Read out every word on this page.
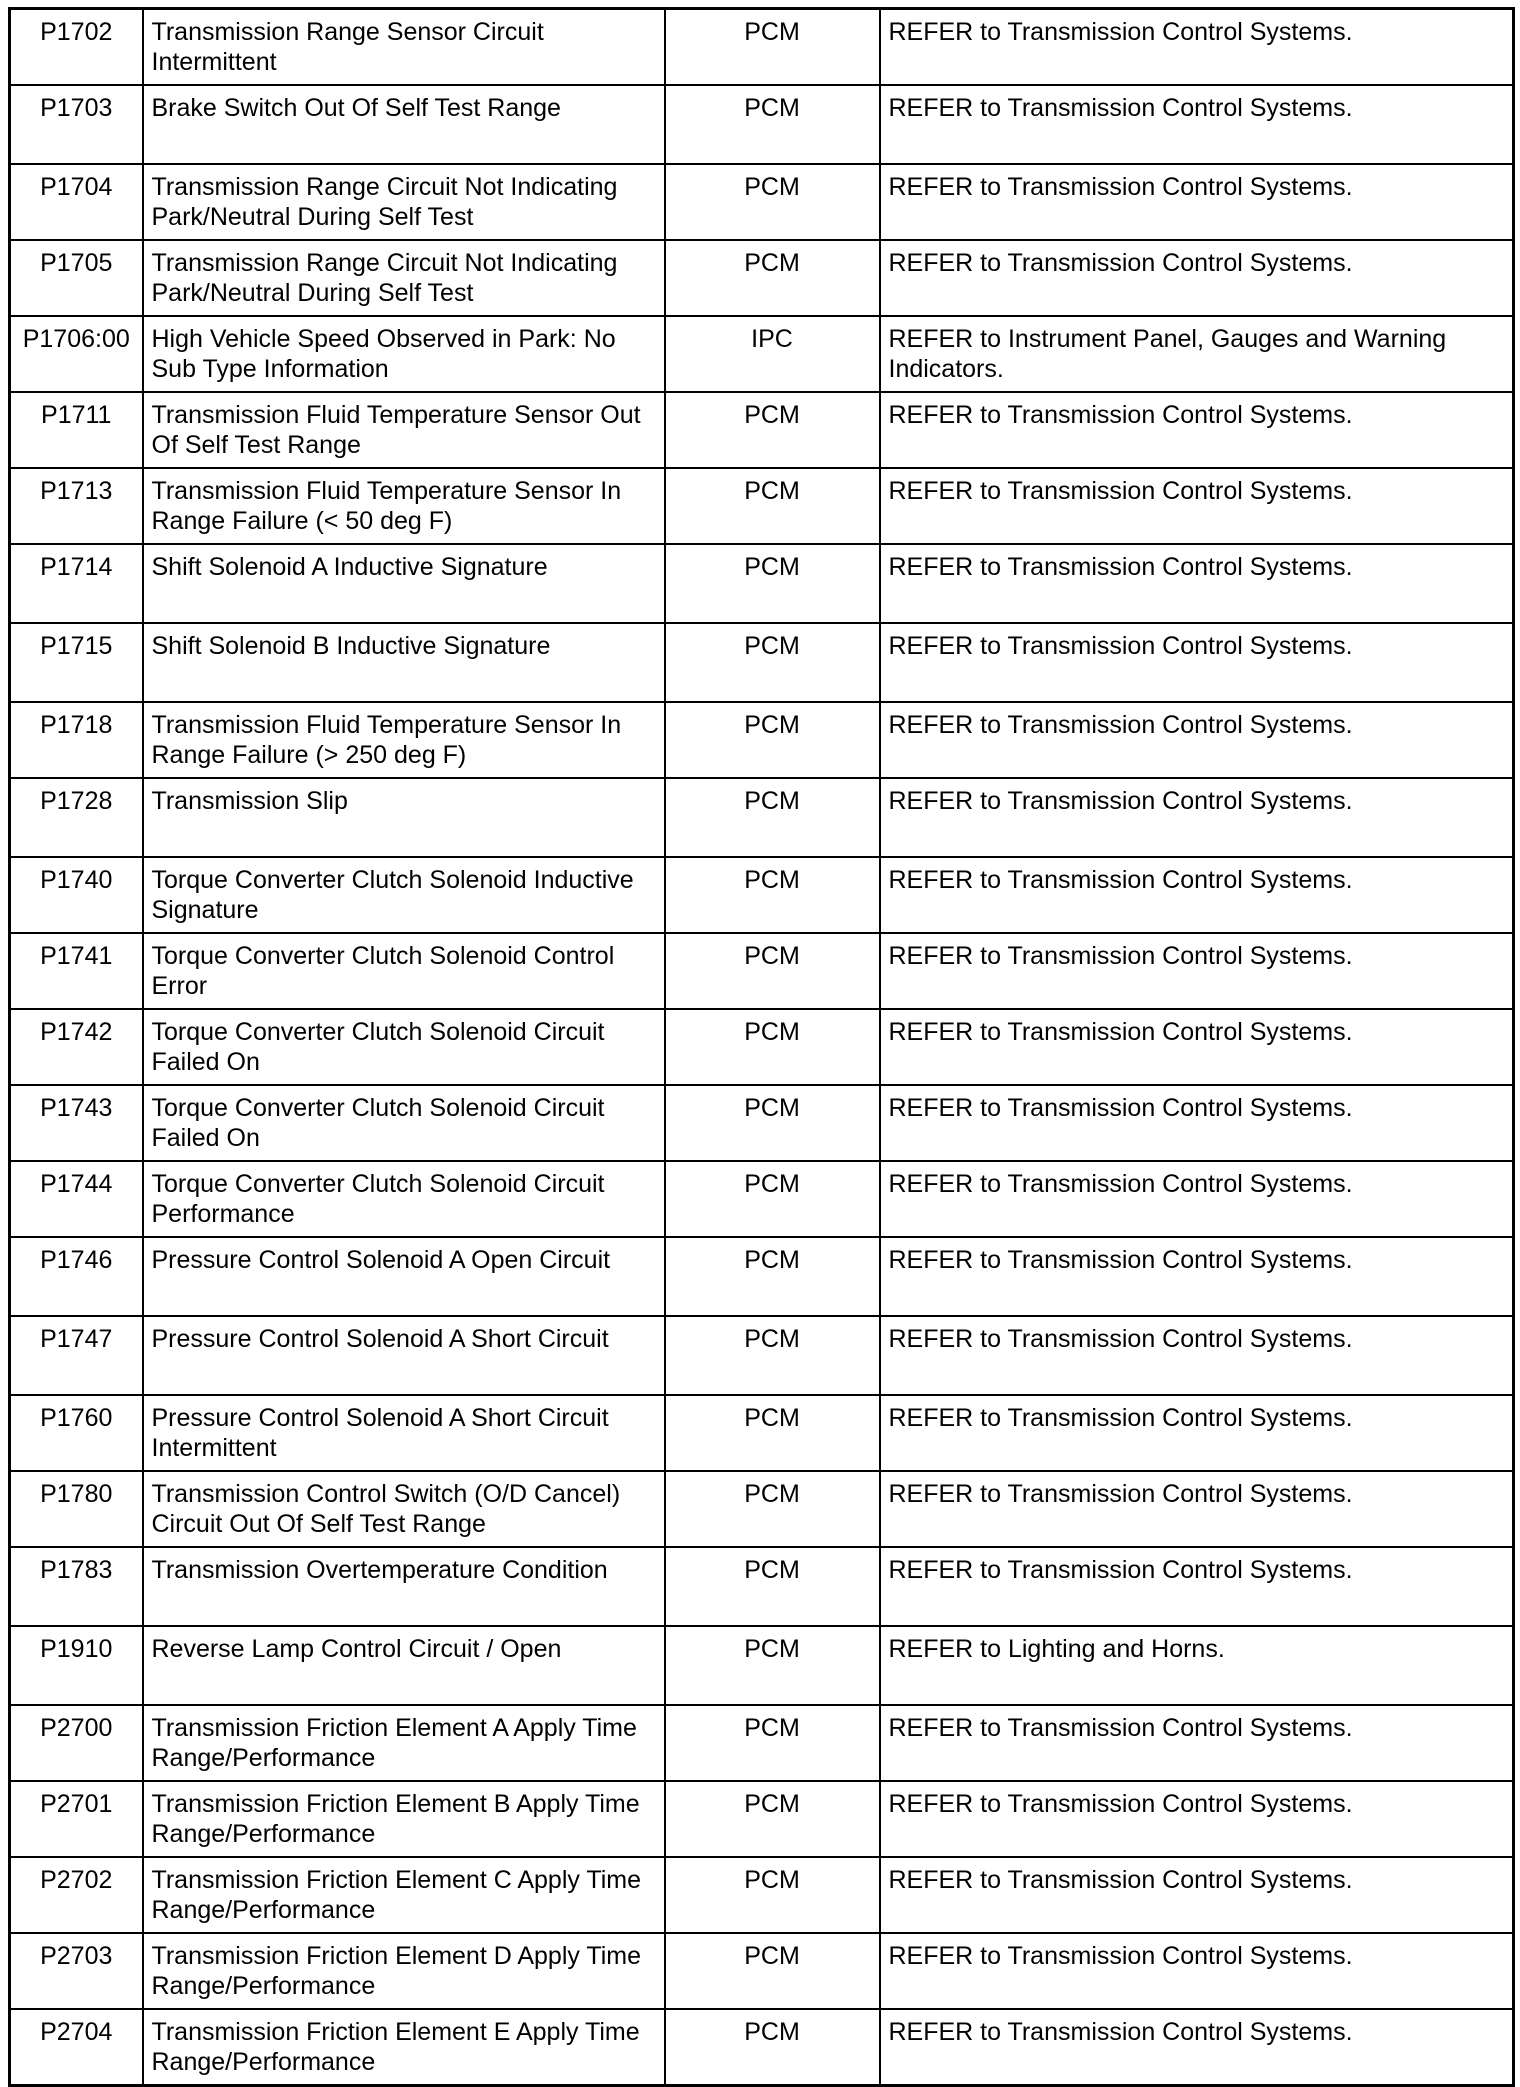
P1702	Transmission Range Sensor Circuit Intermittent	PCM	REFER to Transmission Control Systems.
P1703	Brake Switch Out Of Self Test Range	PCM	REFER to Transmission Control Systems.
P1704	Transmission Range Circuit Not Indicating Park/Neutral During Self Test	PCM	REFER to Transmission Control Systems.
P1705	Transmission Range Circuit Not Indicating Park/Neutral During Self Test	PCM	REFER to Transmission Control Systems.
P1706:00	High Vehicle Speed Observed in Park: No Sub Type Information	IPC	REFER to Instrument Panel, Gauges and Warning Indicators.
P1711	Transmission Fluid Temperature Sensor Out Of Self Test Range	PCM	REFER to Transmission Control Systems.
P1713	Transmission Fluid Temperature Sensor In Range Failure (< 50 deg F)	PCM	REFER to Transmission Control Systems.
P1714	Shift Solenoid A Inductive Signature	PCM	REFER to Transmission Control Systems.
P1715	Shift Solenoid B Inductive Signature	PCM	REFER to Transmission Control Systems.
P1718	Transmission Fluid Temperature Sensor In Range Failure (> 250 deg F)	PCM	REFER to Transmission Control Systems.
P1728	Transmission Slip	PCM	REFER to Transmission Control Systems.
P1740	Torque Converter Clutch Solenoid Inductive Signature	PCM	REFER to Transmission Control Systems.
P1741	Torque Converter Clutch Solenoid Control Error	PCM	REFER to Transmission Control Systems.
P1742	Torque Converter Clutch Solenoid Circuit Failed On	PCM	REFER to Transmission Control Systems.
P1743	Torque Converter Clutch Solenoid Circuit Failed On	PCM	REFER to Transmission Control Systems.
P1744	Torque Converter Clutch Solenoid Circuit Performance	PCM	REFER to Transmission Control Systems.
P1746	Pressure Control Solenoid A Open Circuit	PCM	REFER to Transmission Control Systems.
P1747	Pressure Control Solenoid A Short Circuit	PCM	REFER to Transmission Control Systems.
P1760	Pressure Control Solenoid A Short Circuit Intermittent	PCM	REFER to Transmission Control Systems.
P1780	Transmission Control Switch (O/D Cancel) Circuit Out Of Self Test Range	PCM	REFER to Transmission Control Systems.
P1783	Transmission Overtemperature Condition	PCM	REFER to Transmission Control Systems.
P1910	Reverse Lamp Control Circuit / Open	PCM	REFER to Lighting and Horns.
P2700	Transmission Friction Element A Apply Time Range/Performance	PCM	REFER to Transmission Control Systems.
P2701	Transmission Friction Element B Apply Time Range/Performance	PCM	REFER to Transmission Control Systems.
P2702	Transmission Friction Element C Apply Time Range/Performance	PCM	REFER to Transmission Control Systems.
P2703	Transmission Friction Element D Apply Time Range/Performance	PCM	REFER to Transmission Control Systems.
P2704	Transmission Friction Element E Apply Time Range/Performance	PCM	REFER to Transmission Control Systems.
